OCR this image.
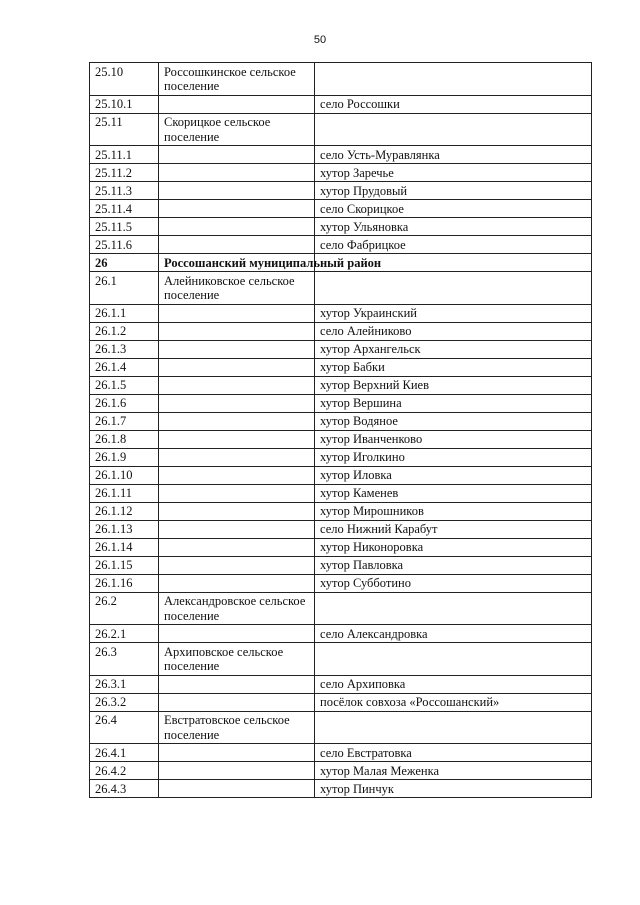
50
25.10	Россошкинское сельское поселение	
25.10.1		село Россошки
25.11	Скорицкое сельское поселение	
25.11.1		село Усть-Муравлянка
25.11.2		хутор Заречье
25.11.3		хутор Прудовый
25.11.4		село Скорицкое
25.11.5		хутор Ульяновка
25.11.6		село Фабрицкое
26	Россошанский муниципальный район	
26.1	Алейниковское сельское поселение	
26.1.1		хутор Украинский
26.1.2		село Алейниково
26.1.3		хутор Архангельск
26.1.4		хутор Бабки
26.1.5		хутор Верхний Киев
26.1.6		хутор Вершина
26.1.7		хутор Водяное
26.1.8		хутор Иванченково
26.1.9		хутор Иголкино
26.1.10		хутор Иловка
26.1.11		хутор Каменев
26.1.12		хутор Мирошников
26.1.13		село Нижний Карабут
26.1.14		хутор Никоноровка
26.1.15		хутор Павловка
26.1.16		хутор Субботино
26.2	Александровское сельское поселение	
26.2.1		село Александровка
26.3	Архиповское сельское поселение	
26.3.1		село Архиповка
26.3.2		посёлок совхоза «Россошанский»
26.4	Евстратовское сельское поселение	
26.4.1		село Евстратовка
26.4.2		хутор Малая Меженка
26.4.3		хутор Пинчук
